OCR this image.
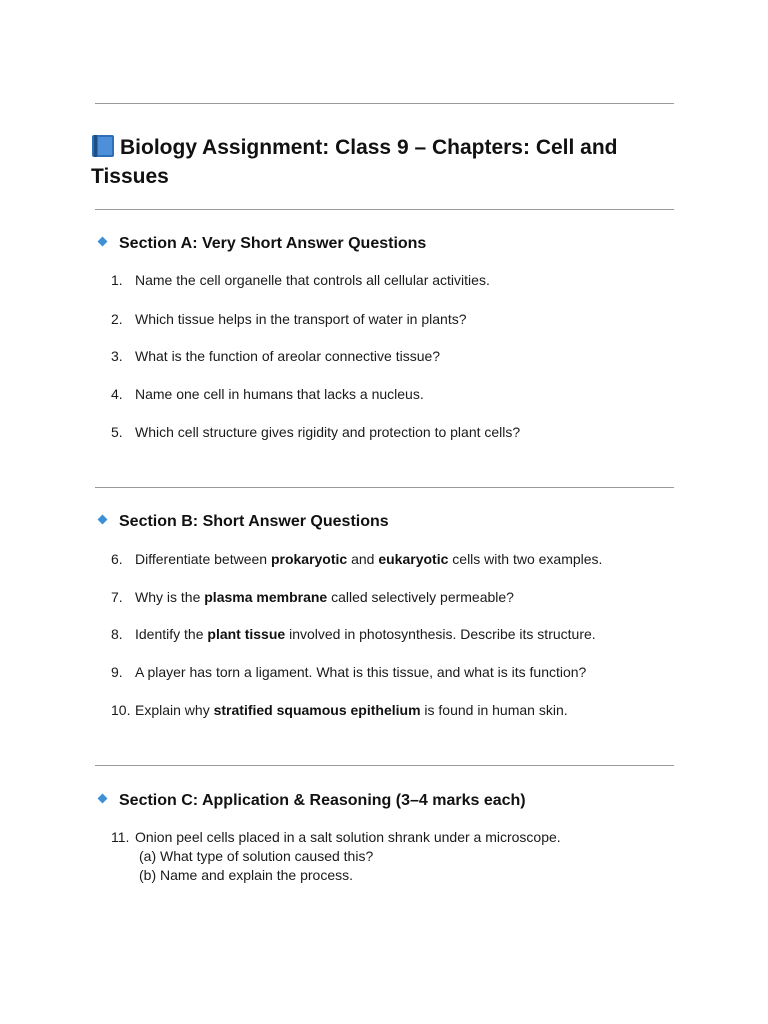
Biology Assignment: Class 9 – Chapters: Cell and Tissues
Section A: Very Short Answer Questions
1. Name the cell organelle that controls all cellular activities.
2. Which tissue helps in the transport of water in plants?
3. What is the function of areolar connective tissue?
4. Name one cell in humans that lacks a nucleus.
5. Which cell structure gives rigidity and protection to plant cells?
Section B: Short Answer Questions
6. Differentiate between prokaryotic and eukaryotic cells with two examples.
7. Why is the plasma membrane called selectively permeable?
8. Identify the plant tissue involved in photosynthesis. Describe its structure.
9. A player has torn a ligament. What is this tissue, and what is its function?
10. Explain why stratified squamous epithelium is found in human skin.
Section C: Application & Reasoning (3–4 marks each)
11. Onion peel cells placed in a salt solution shrank under a microscope.
(a) What type of solution caused this?
(b) Name and explain the process.
